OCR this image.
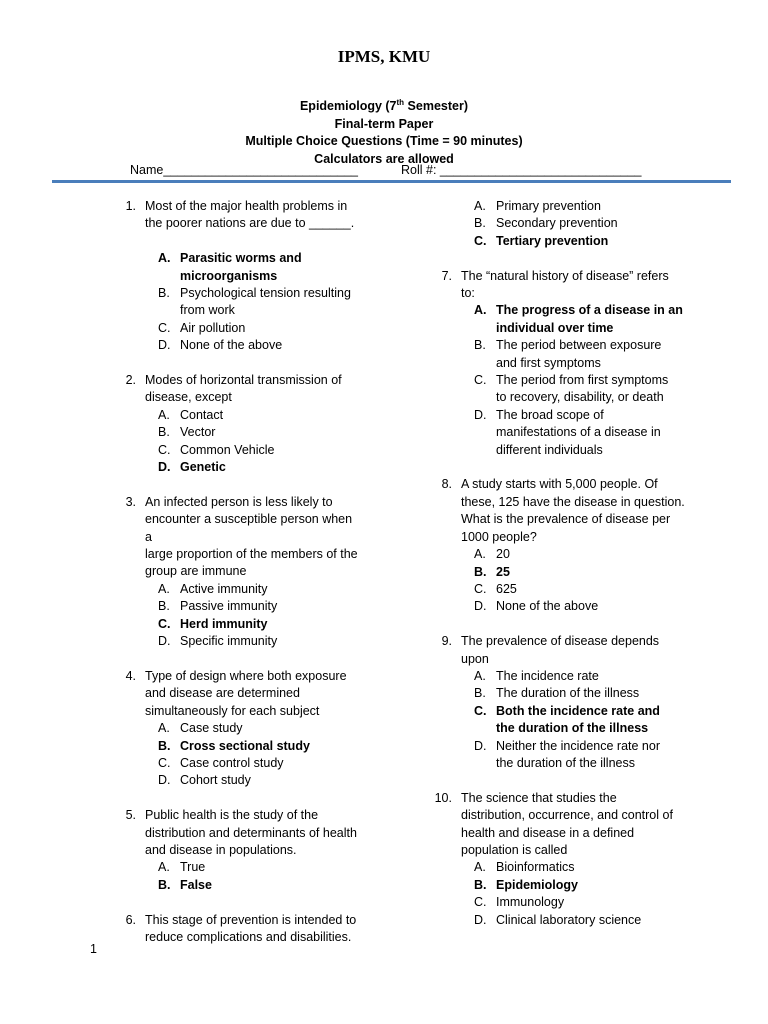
IPMS, KMU
Epidemiology (7th Semester)
Final-term Paper
Multiple Choice Questions (Time = 90 minutes)
Calculators are allowed
Name____________________________	Roll #: _____________________________
1. Most of the major health problems in
the poorer nations are due to ______.
A. Parasitic worms and
microorganisms
B. Psychological tension resulting
from work
C. Air pollution
D. None of the above
2. Modes of horizontal transmission of
disease, except
A. Contact
B. Vector
C. Common Vehicle
D. Genetic
3. An infected person is less likely to
encounter a susceptible person when a
large proportion of the members of the
group are immune
A. Active immunity
B. Passive immunity
C. Herd immunity
D. Specific immunity
4. Type of design where both exposure
and disease are determined
simultaneously for each subject
A. Case study
B. Cross sectional study
C. Case control study
D. Cohort study
5. Public health is the study of the
distribution and determinants of health
and disease in populations.
A. True
B. False
6. This stage of prevention is intended to
reduce complications and disabilities.
A. Primary prevention
B. Secondary prevention
C. Tertiary prevention
7. The “natural history of disease” refers
to:
A. The progress of a disease in an
individual over time
B. The period between exposure
and first symptoms
C. The period from first symptoms
to recovery, disability, or death
D. The broad scope of
manifestations of a disease in
different individuals
8. A study starts with 5,000 people. Of
these, 125 have the disease in question.
What is the prevalence of disease per
1000 people?
A. 20
B. 25
C. 625
D. None of the above
9. The prevalence of disease depends
upon
A. The incidence rate
B. The duration of the illness
C. Both the incidence rate and
the duration of the illness
D. Neither the incidence rate nor
the duration of the illness
10. The science that studies the
distribution, occurrence, and control of
health and disease in a defined
population is called
A. Bioinformatics
B. Epidemiology
C. Immunology
D. Clinical laboratory science
1
